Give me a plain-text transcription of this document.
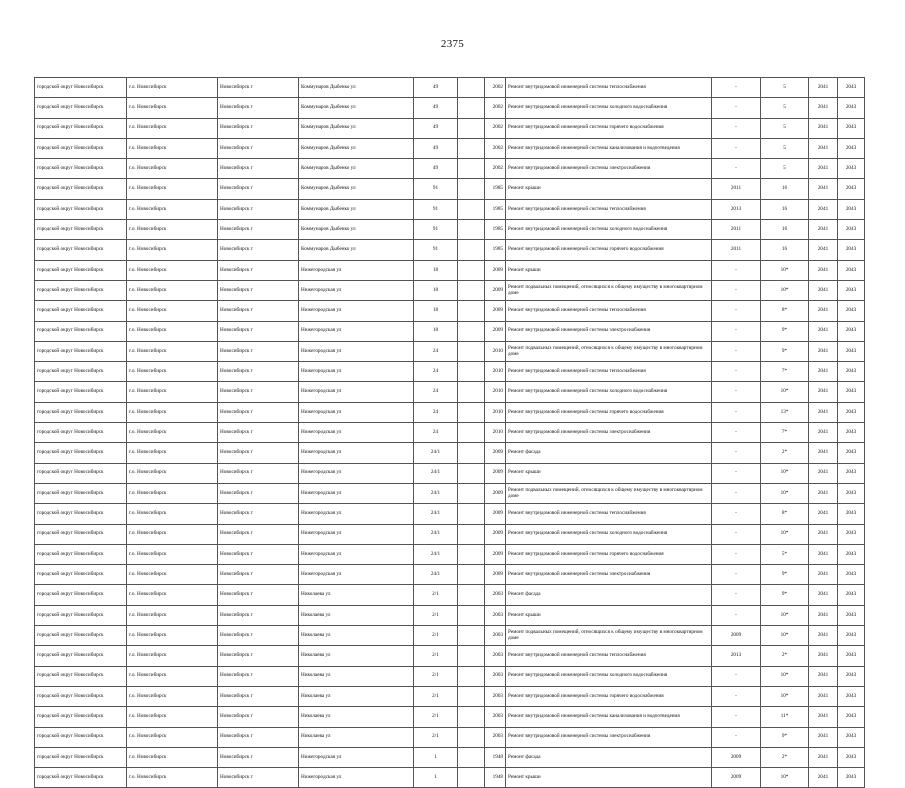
2375
городской округ Новосибирск	г.о. Новосибирск	Новосибирск г	Коммунаров Дыбенко ул	49		2002	Ремонт внутридомовой инженерной системы теплоснабжения	-	5	2041	2043
городской округ Новосибирск	г.о. Новосибирск	Новосибирск г	Коммунаров Дыбенко ул	49		2002	Ремонт внутридомовой инженерной системы холодного водоснабжения	-	5	2041	2043
городской округ Новосибирск	г.о. Новосибирск	Новосибирск г	Коммунаров Дыбенко ул	49		2002	Ремонт внутридомовой инженерной системы горячего водоснабжения	-	5	2041	2043
городской округ Новосибирск	г.о. Новосибирск	Новосибирск г	Коммунаров Дыбенко ул	49		2002	Ремонт внутридомовой инженерной системы канализования и водоотведения	-	5	2041	2043
городской округ Новосибирск	г.о. Новосибирск	Новосибирск г	Коммунаров Дыбенко ул	49		2002	Ремонт внутридомовой инженерной системы электроснабжения	-	5	2041	2043
городской округ Новосибирск	г.о. Новосибирск	Новосибирск г	Коммунаров Дыбенко ул	91		1985	Ремонт крыши	2011	16	2041	2043
городской округ Новосибирск	г.о. Новосибирск	Новосибирск г	Коммунаров Дыбенко ул	91		1985	Ремонт внутридомовой инженерной системы теплоснабжения	2013	16	2041	2043
городской округ Новосибирск	г.о. Новосибирск	Новосибирск г	Коммунаров Дыбенко ул	91		1985	Ремонт внутридомовой инженерной системы холодного водоснабжения	2011	16	2041	2043
городской округ Новосибирск	г.о. Новосибирск	Новосибирск г	Коммунаров Дыбенко ул	91		1985	Ремонт внутридомовой инженерной системы горячего водоснабжения	2011	16	2041	2043
городской округ Новосибирск	г.о. Новосибирск	Новосибирск г	Нижегородская ул	18		2009	Ремонт крыши	-	10*	2041	2043
городской округ Новосибирск	г.о. Новосибирск	Новосибирск г	Нижегородская ул	18		2009	Ремонт подвальных помещений, относящихся к общему имуществу в многоквартирном доме	-	10*	2041	2043
городской округ Новосибирск	г.о. Новосибирск	Новосибирск г	Нижегородская ул	18		2009	Ремонт внутридомовой инженерной системы теплоснабжения	-	8*	2041	2043
городской округ Новосибирск	г.о. Новосибирск	Новосибирск г	Нижегородская ул	18		2009	Ремонт внутридомовой инженерной системы электроснабжения	-	9*	2041	2043
городской округ Новосибирск	г.о. Новосибирск	Новосибирск г	Нижегородская ул	24		2010	Ремонт подвальных помещений, относящихся к общему имуществу в многоквартирном доме	-	9*	2041	2043
городской округ Новосибирск	г.о. Новосибирск	Новосибирск г	Нижегородская ул	24		2010	Ремонт внутридомовой инженерной системы теплоснабжения	-	7*	2041	2043
городской округ Новосибирск	г.о. Новосибирск	Новосибирск г	Нижегородская ул	24		2010	Ремонт внутридомовой инженерной системы холодного водоснабжения	-	10*	2041	2043
городской округ Новосибирск	г.о. Новосибирск	Новосибирск г	Нижегородская ул	24		2010	Ремонт внутридомовой инженерной системы горячего водоснабжения	-	13*	2041	2043
городской округ Новосибирск	г.о. Новосибирск	Новосибирск г	Нижегородская ул	24		2010	Ремонт внутридомовой инженерной системы электроснабжения	-	7*	2041	2043
городской округ Новосибирск	г.о. Новосибирск	Новосибирск г	Нижегородская ул	24/1		2009	Ремонт фасада	-	2*	2041	2043
городской округ Новосибирск	г.о. Новосибирск	Новосибирск г	Нижегородская ул	24/1		2009	Ремонт крыши	-	10*	2041	2043
городской округ Новосибирск	г.о. Новосибирск	Новосибирск г	Нижегородская ул	24/1		2009	Ремонт подвальных помещений, относящихся к общему имуществу в многоквартирном доме	-	10*	2041	2043
городской округ Новосибирск	г.о. Новосибирск	Новосибирск г	Нижегородская ул	24/1		2009	Ремонт внутридомовой инженерной системы теплоснабжения	-	8*	2041	2043
городской округ Новосибирск	г.о. Новосибирск	Новосибирск г	Нижегородская ул	24/1		2009	Ремонт внутридомовой инженерной системы холодного водоснабжения	-	10*	2041	2043
городской округ Новосибирск	г.о. Новосибирск	Новосибирск г	Нижегородская ул	24/1		2009	Ремонт внутридомовой инженерной системы горячего водоснабжения	-	5*	2041	2043
городской округ Новосибирск	г.о. Новосибирск	Новосибирск г	Нижегородская ул	24/1		2009	Ремонт внутридомовой инженерной системы электроснабжения	-	9*	2041	2043
городской округ Новосибирск	г.о. Новосибирск	Новосибирск г	Николаева ул	2/1		2003	Ремонт фасада	-	9*	2041	2043
городской округ Новосибирск	г.о. Новосибирск	Новосибирск г	Николаева ул	2/1		2003	Ремонт крыши	-	10*	2041	2043
городской округ Новосибирск	г.о. Новосибирск	Новосибирск г	Николаева ул	2/1		2003	Ремонт подвальных помещений, относящихся к общему имуществу в многоквартирном доме	2009	10*	2041	2043
городской округ Новосибирск	г.о. Новосибирск	Новосибирск г	Николаева ул	2/1		2003	Ремонт внутридомовой инженерной системы теплоснабжения	2013	2*	2041	2043
городской округ Новосибирск	г.о. Новосибирск	Новосибирск г	Николаева ул	2/1		2003	Ремонт внутридомовой инженерной системы холодного водоснабжения	-	10*	2041	2043
городской округ Новосибирск	г.о. Новосибирск	Новосибирск г	Николаева ул	2/1		2003	Ремонт внутридомовой инженерной системы горячего водоснабжения	-	10*	2041	2043
городской округ Новосибирск	г.о. Новосибирск	Новосибирск г	Николаева ул	2/1		2003	Ремонт внутридомовой инженерной системы канализования и водоотведения	-	11*	2041	2043
городской округ Новосибирск	г.о. Новосибирск	Новосибирск г	Николаева ул	2/1		2003	Ремонт внутридомовой инженерной системы электроснабжения	-	9*	2041	2043
городской округ Новосибирск	г.о. Новосибирск	Новосибирск г	Нижегородская ул	1		1948	Ремонт фасада	2009	2*	2041	2043
городской округ Новосибирск	г.о. Новосибирск	Новосибирск г	Нижегородская ул	1		1948	Ремонт крыши	2009	10*	2041	2043
